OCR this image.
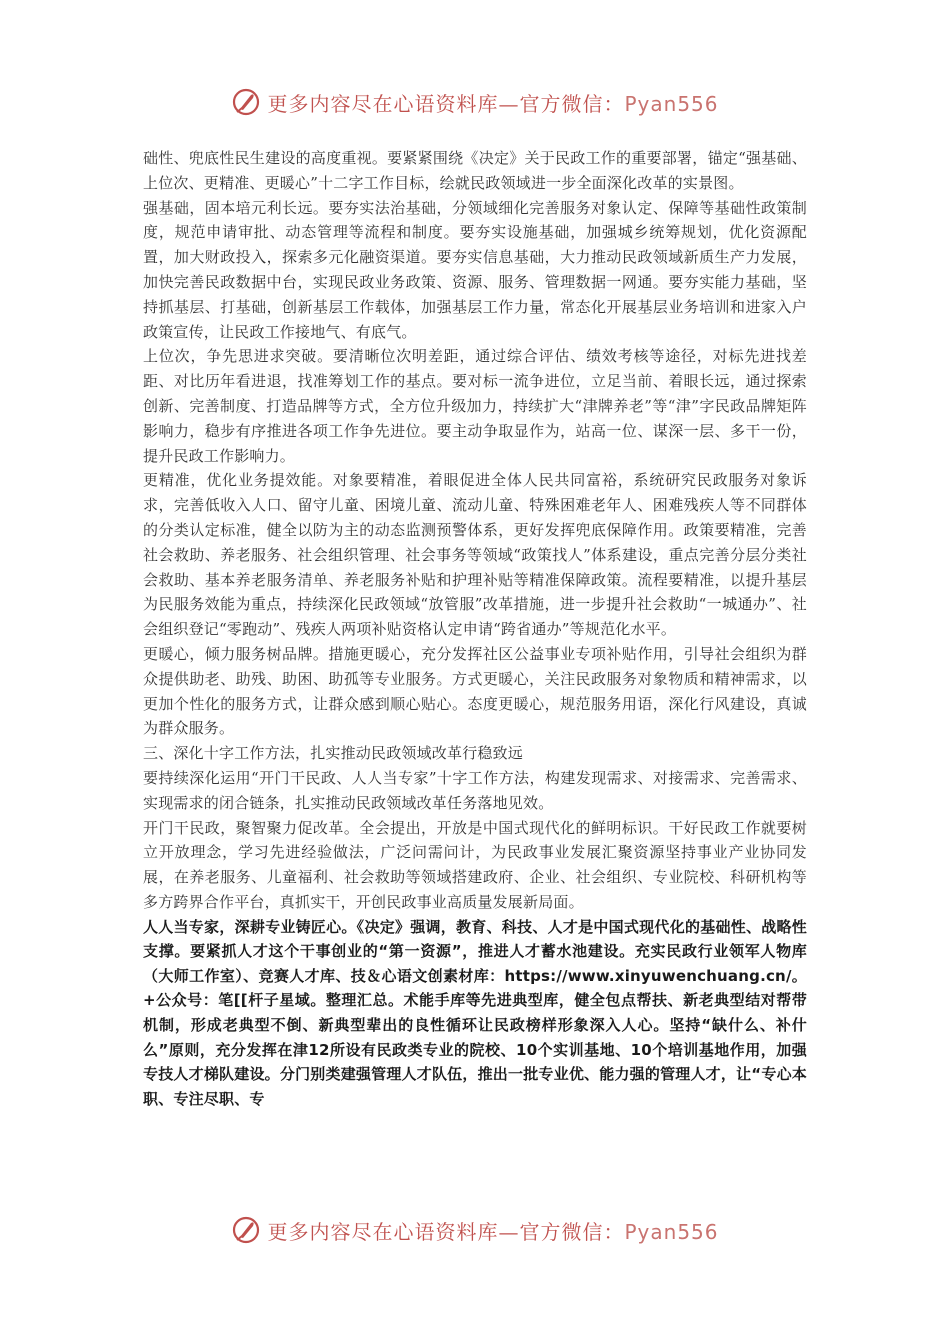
更多内容尽在心语资料库—官方微信：Pyan556

础性、兜底性民生建设的高度重视。要紧紧围绕《决定》关于民政工作的重要部署，锚定“强基础、上位次、更精准、更暖心”十二字工作目标，绘就民政领域进一步全面深化改革的实景图。

强基础，固本培元利长远。要夯实法治基础，分领域细化完善服务对象认定、保障等基础性政策制度，规范申请审批、动态管理等流程和制度。要夯实设施基础，加强城乡统筹规划，优化资源配置，加大财政投入，探索多元化融资渠道。要夯实信息基础，大力推动民政领域新质生产力发展，加快完善民政数据中台，实现民政业务政策、资源、服务、管理数据一网通。要夯实能力基础，坚持抓基层、打基础，创新基层工作载体，加强基层工作力量，常态化开展基层业务培训和进家入户政策宣传，让民政工作接地气、有底气。

上位次，争先思进求突破。要清晰位次明差距，通过综合评估、绩效考核等途径，对标先进找差距、对比历年看进退，找准筹划工作的基点。要对标一流争进位，立足当前、着眼长远，通过探索创新、完善制度、打造品牌等方式，全方位升级加力，持续扩大“津牌养老”等“津”字民政品牌矩阵影响力，稳步有序推进各项工作争先进位。要主动争取显作为，站高一位、谋深一层、多干一份，提升民政工作影响力。

更精准，优化业务提效能。对象要精准，着眼促进全体人民共同富裕，系统研究民政服务对象诉求，完善低收入人口、留守儿童、困境儿童、流动儿童、特殊困难老年人、困难残疾人等不同群体的分类认定标准，健全以防为主的动态监测预警体系，更好发挥兜底保障作用。政策要精准，完善社会救助、养老服务、社会组织管理、社会事务等领域“政策找人”体系建设，重点完善分层分类社会救助、基本养老服务清单、养老服务补贴和护理补贴等精准保障政策。流程要精准，以提升基层为民服务效能为重点，持续深化民政领域“放管服”改革措施，进一步提升社会救助“一城通办”、社会组织登记“零跑动”、残疾人两项补贴资格认定申请“跨省通办”等规范化水平。

更暖心，倾力服务树品牌。措施更暖心，充分发挥社区公益事业专项补贴作用，引导社会组织为群众提供助老、助残、助困、助孤等专业服务。方式更暖心，关注民政服务对象物质和精神需求，以更加个性化的服务方式，让群众感到顺心贴心。态度更暖心，规范服务用语，深化行风建设，真诚为群众服务。

三、深化十字工作方法，扎实推动民政领域改革行稳致远

要持续深化运用“开门干民政、人人当专家”十字工作方法，构建发现需求、对接需求、完善需求、实现需求的闭合链条，扎实推动民政领域改革任务落地见效。

开门干民政，聚智聚力促改革。全会提出，开放是中国式现代化的鲜明标识。干好民政工作就要树立开放理念，学习先进经验做法，广泛问需问计，为民政事业发展汇聚资源坚持事业产业协同发展，在养老服务、儿童福利、社会救助等领域搭建政府、企业、社会组织、专业院校、科研机构等多方跨界合作平台，真抓实干，开创民政事业高质量发展新局面。

人人当专家，深耕专业铸匠心。《决定》强调，教育、科技、人才是中国式现代化的基础性、战略性支撑。要紧抓人才这个干事创业的“第一资源”，推进人才蓄水池建设。充实民政行业领军人物库（大师工作室）、竞赛人才库、技＆心语文创素材库：https://www.xinyuwenchuang.cn/。+公众号：笔[[杆子星域。整理汇总。术能手库等先进典型库，健全包点帮扶、新老典型结对帮带机制，形成老典型不倒、新典型辈出的良性循环让民政榜样形象深入人心。坚持“缺什么、补什么”原则，充分发挥在津12所设有民政类专业的院校、10个实训基地、10个培训基地作用，加强专技人才梯队建设。分门别类建强管理人才队伍，推出一批专业优、能力强的管理人才，让“专心本职、专注尽职、专

更多内容尽在心语资料库—官方微信：Pyan556
